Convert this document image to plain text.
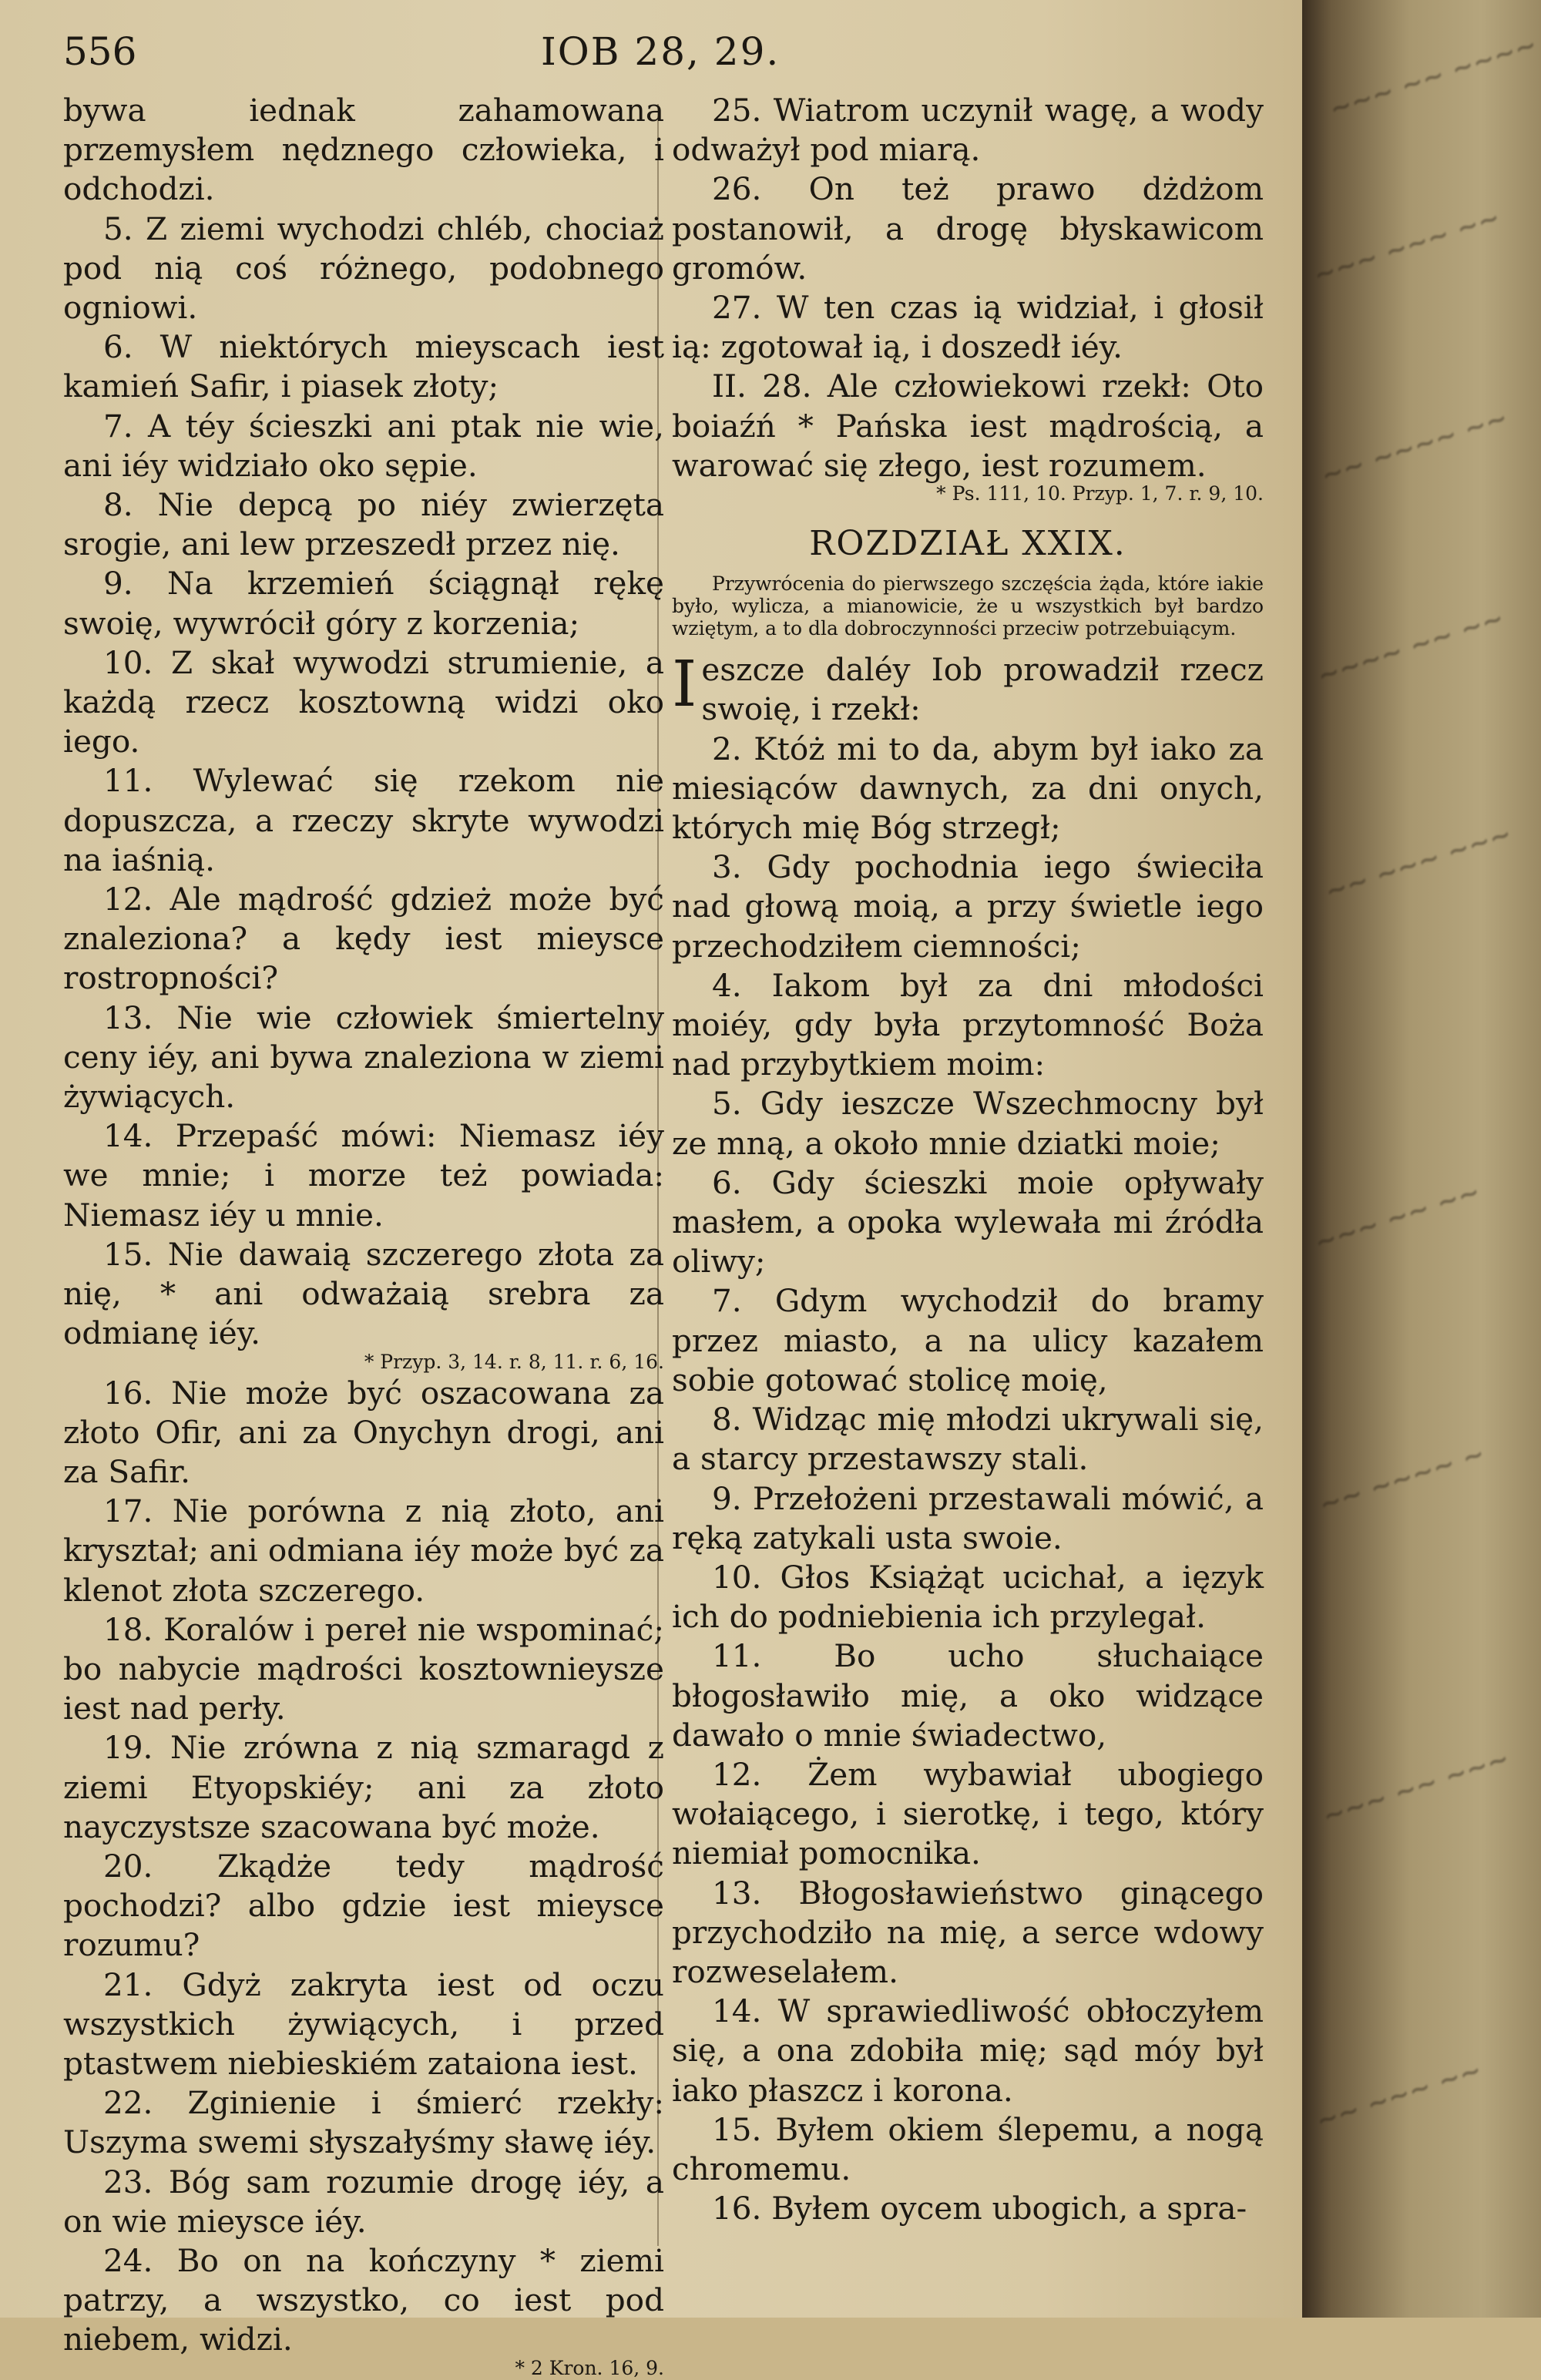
556	IOB 28, 29.

bywa iednak zahamowana przemysłem nędznego człowieka, i odchodzi.

5. Z ziemi wychodzi chléb, chociaż pod nią coś różnego, podobnego ogniowi.

6. W niektórych mieyscach iest kamień Safir, i piasek złoty;

7. A téy ścieszki ani ptak nie wie, ani iéy widziało oko sępie.

8. Nie depcą po niéy zwierzęta srogie, ani lew przeszedł przez nię.

9. Na krzemień ściągnął rękę swoię, wywrócił góry z korzenia;

10. Z skał wywodzi strumienie, a każdą rzecz kosztowną widzi oko iego.

11. Wylewać się rzekom nie dopuszcza, a rzeczy skryte wywodzi na iaśnią.

12. Ale mądrość gdzież może być znaleziona? a kędy iest mieysce rostropności?

13. Nie wie człowiek śmiertelny ceny iéy, ani bywa znaleziona w ziemi żywiących.

14. Przepaść mówi: Niemasz iéy we mnie; i morze też powiada: Niemasz iéy u mnie.

15. Nie dawaią szczerego złota za nię, * ani odważaią srebra za odmianę iéy.

* Przyp. 3, 14. r. 8, 11. r. 6, 16.

16. Nie może być oszacowana za złoto Ofir, ani za Onychyn drogi, ani za Safir.

17. Nie porówna z nią złoto, ani kryształ; ani odmiana iéy może być za klenot złota szczerego.

18. Koralów i pereł nie wspominać; bo nabycie mądrości kosztownieysze iest nad perły.

19. Nie zrówna z nią szmaragd z ziemi Etyopskiéy; ani za złoto nayczystsze szacowana być może.

20. Zkądże tedy mądrość pochodzi? albo gdzie iest mieysce rozumu?

21. Gdyż zakryta iest od oczu wszystkich żywiących, i przed ptastwem niebieskiém zataiona iest.

22. Zginienie i śmierć rzekły: Uszyma swemi słyszałyśmy sławę iéy.

23. Bóg sam rozumie drogę iéy, a on wie mieysce iéy.

24. Bo on na kończyny * ziemi patrzy, a wszystko, co iest pod niebem, widzi.

* 2 Kron. 16, 9.

25. Wiatrom uczynił wagę, a wody odważył pod miarą.

26. On też prawo dżdżom postanowił, a drogę błyskawicom gromów.

27. W ten czas ią widział, i głosił ią: zgotował ią, i doszedł iéy.

II. 28. Ale człowiekowi rzekł: Oto boiaźń * Pańska iest mądrością, a warować się złego, iest rozumem.

* Ps. 111, 10. Przyp. 1, 7. r. 9, 10.
ROZDZIAŁ XXIX.

Przywrócenia do pierwszego szczęścia żąda, które iakie było, wylicza, a mianowicie, że u wszystkich był bardzo wziętym, a to dla dobroczynności przeciw potrzebuiącym.

Ieszcze daléy Iob prowadził rzecz swoię, i rzekł:

2. Któż mi to da, abym był iako za miesiąców dawnych, za dni onych, których mię Bóg strzegł;

3. Gdy pochodnia iego świeciła nad głową moią, a przy świetle iego przechodziłem ciemności;

4. Iakom był za dni młodości moiéy, gdy była przytomność Boża nad przybytkiem moim:

5. Gdy ieszcze Wszechmocny był ze mną, a około mnie dziatki moie;

6. Gdy ścieszki moie opływały masłem, a opoka wylewała mi źródła oliwy;

7. Gdym wychodził do bramy przez miasto, a na ulicy kazałem sobie gotować stolicę moię,

8. Widząc mię młodzi ukrywali się, a starcy przestawszy stali.

9. Przełożeni przestawali mówić, a ręką zatykali usta swoie.

10. Głos Książąt ucichał, a ięzyk ich do podniebienia ich przylegał.

11. Bo ucho słuchaiące błogosławiło mię, a oko widzące dawało o mnie świadectwo,

12. Żem wybawiał ubogiego wołaiącego, i sierotkę, i tego, który niemiał pomocnika.

13. Błogosławieństwo ginącego przychodziło na mię, a serce wdowy rozweselałem.

14. W sprawiedliwość obłoczyłem się, a ona zdobiła mię; sąd móy był iako płaszcz i korona.

15. Byłem okiem ślepemu, a nogą chromemu.

16. Byłem oycem ubogich, a spra-

~~~ ~~ ~~~~
~~~ ~~~ ~~
~~ ~~~~ ~~
~~~~ ~~ ~~
~~ ~~~ ~~~
~~~ ~~ ~~
~~ ~~~~ ~
~~~ ~~ ~~~
~~ ~~~ ~~
